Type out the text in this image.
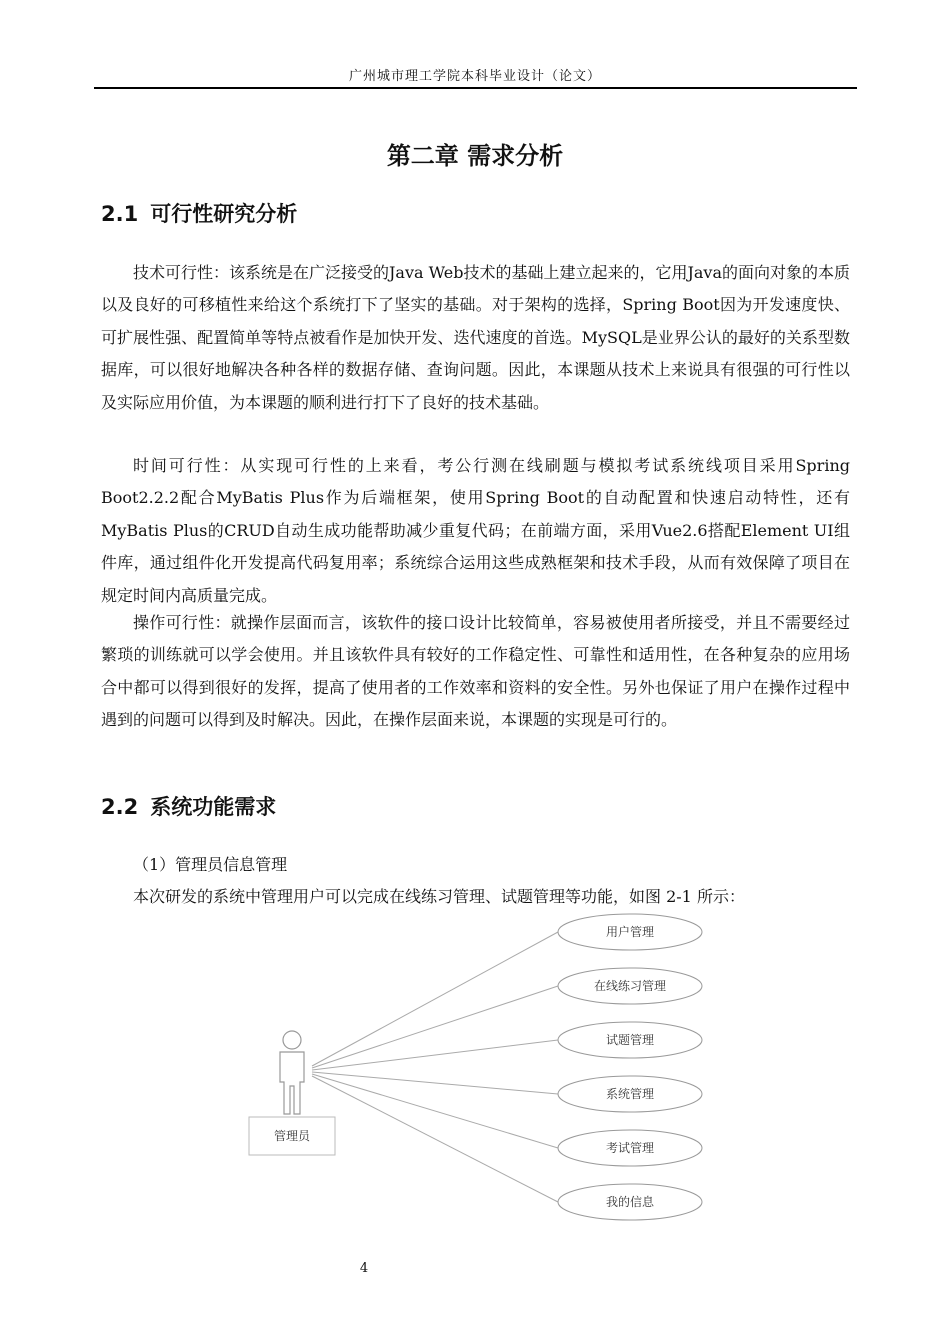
广州城市理工学院本科毕业设计（论文）
第二章 需求分析
2.1 可行性研究分析

技术可行性：该系统是在广泛接受的Java Web技术的基础上建立起来的，它用Java的面向对象的本质以及良好的可移植性来给这个系统打下了坚实的基础。对于架构的选择，Spring Boot因为开发速度快、可扩展性强、配置简单等特点被看作是加快开发、迭代速度的首选。MySQL是业界公认的最好的关系型数据库，可以很好地解决各种各样的数据存储、查询问题。因此，本课题从技术上来说具有很强的可行性以及实际应用价值，为本课题的顺利进行打下了良好的技术基础。

时间可行性：从实现可行性的上来看，考公行测在线刷题与模拟考试系统线项目采用Spring Boot2.2.2配合MyBatis Plus作为后端框架，使用Spring Boot的自动配置和快速启动特性，还有MyBatis Plus的CRUD自动生成功能帮助减少重复代码；在前端方面，采用Vue2.6搭配Element UI组件库，通过组件化开发提高代码复用率；系统综合运用这些成熟框架和技术手段，从而有效保障了项目在规定时间内高质量完成。

操作可行性：就操作层面而言，该软件的接口设计比较简单，容易被使用者所接受，并且不需要经过繁琐的训练就可以学会使用。并且该软件具有较好的工作稳定性、可靠性和适用性，在各种复杂的应用场合中都可以得到很好的发挥，提高了使用者的工作效率和资料的安全性。另外也保证了用户在操作过程中遇到的问题可以得到及时解决。因此，在操作层面来说，本课题的实现是可行的。

2.2 系统功能需求
（1）管理员信息管理
本次研发的系统中管理用户可以完成在线练习管理、试题管理等功能，如图 2-1 所示：
管理员
用户管理
在线练习管理
试题管理
系统管理
考试管理
我的信息
4
